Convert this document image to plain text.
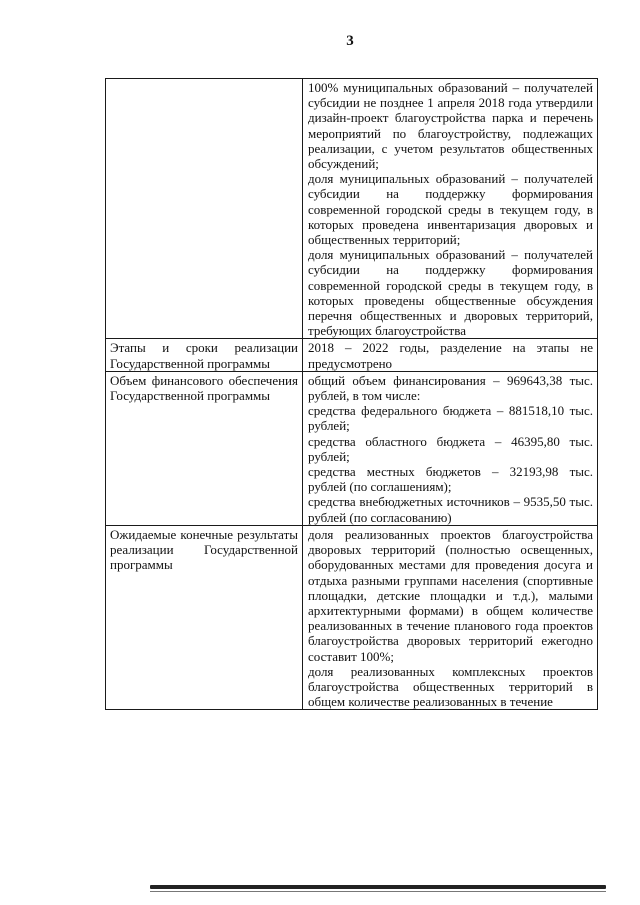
3

	100% муниципальных образований – получателей субсидии не позднее 1 апреля 2018 года утвердили дизайн-проект благоустройства парка и перечень мероприятий по благоустройству, подлежащих реализации, с учетом результатов общественных обсуждений;
доля муниципальных образований – получателей субсидии на поддержку формирования современной городской среды в текущем году, в которых проведена инвентаризация дворовых и общественных территорий;
доля муниципальных образований – получателей субсидии на поддержку формирования современной городской среды в текущем году, в которых проведены общественные обсуждения перечня общественных и дворовых территорий, требующих благоустройства

Этапы и сроки реализации Государственной программы	2018 – 2022 годы, разделение на этапы не предусмотрено

Объем финансового обеспечения Государственной программы	общий объем финансирования – 969643,38 тыс. рублей, в том числе:
средства федерального бюджета – 881518,10 тыс. рублей;
средства областного бюджета – 46395,80 тыс. рублей;
средства местных бюджетов – 32193,98 тыс. рублей (по соглашениям);
средства внебюджетных источников – 9535,50 тыс. рублей (по согласованию)

Ожидаемые конечные результаты реализации Государственной программы	доля реализованных проектов благоустройства дворовых территорий (полностью освещенных, оборудованных местами для проведения досуга и отдыха разными группами населения (спортивные площадки, детские площадки и т.д.), малыми архитектурными формами) в общем количестве реализованных в течение планового года проектов благоустройства дворовых территорий ежегодно составит 100%;
доля реализованных комплексных проектов благоустройства общественных территорий в общем количестве реализованных в течение
